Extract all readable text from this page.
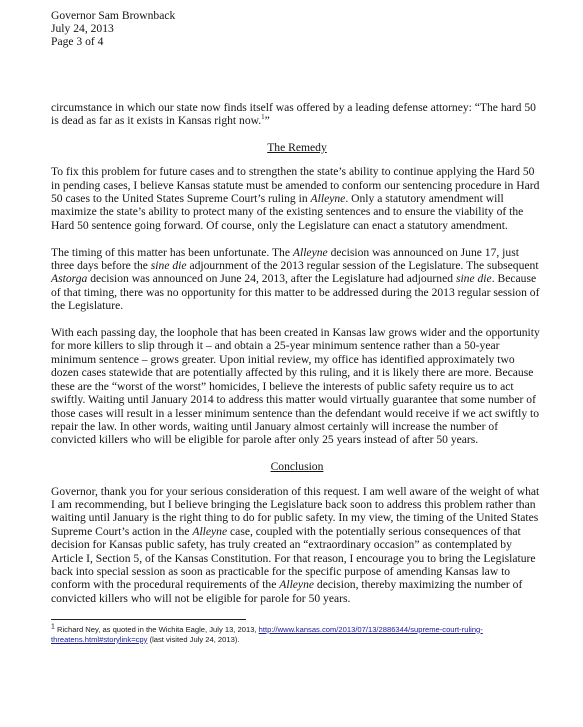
Governor Sam Brownback
July 24, 2013
Page 3 of 4

circumstance in which our state now finds itself was offered by a leading defense attorney: “The hard 50 is dead as far as it exists in Kansas right now.$^1$”

The Remedy

To fix this problem for future cases and to strengthen the state’s ability to continue applying the Hard 50 in pending cases, I believe Kansas statute must be amended to conform our sentencing procedure in Hard 50 cases to the United States Supreme Court’s ruling in Alleyne. Only a statutory amendment will maximize the state’s ability to protect many of the existing sentences and to ensure the viability of the Hard 50 sentence going forward. Of course, only the Legislature can enact a statutory amendment.

The timing of this matter has been unfortunate. The Alleyne decision was announced on June 17, just three days before the sine die adjournment of the 2013 regular session of the Legislature. The subsequent Astorga decision was announced on June 24, 2013, after the Legislature had adjourned sine die. Because of that timing, there was no opportunity for this matter to be addressed during the 2013 regular session of the Legislature.

With each passing day, the loophole that has been created in Kansas law grows wider and the opportunity for more killers to slip through it – and obtain a 25-year minimum sentence rather than a 50-year minimum sentence – grows greater. Upon initial review, my office has identified approximately two dozen cases statewide that are potentially affected by this ruling, and it is likely there are more. Because these are the “worst of the worst” homicides, I believe the interests of public safety require us to act swiftly. Waiting until January 2014 to address this matter would virtually guarantee that some number of those cases will result in a lesser minimum sentence than the defendant would receive if we act swiftly to repair the law. In other words, waiting until January almost certainly will increase the number of convicted killers who will be eligible for parole after only 25 years instead of after 50 years.

Conclusion

Governor, thank you for your serious consideration of this request. I am well aware of the weight of what I am recommending, but I believe bringing the Legislature back soon to address this problem rather than waiting until January is the right thing to do for public safety. In my view, the timing of the United States Supreme Court’s action in the Alleyne case, coupled with the potentially serious consequences of that decision for Kansas public safety, has truly created an “extraordinary occasion” as contemplated by Article I, Section 5, of the Kansas Constitution. For that reason, I encourage you to bring the Legislature back into special session as soon as practicable for the specific purpose of amending Kansas law to conform with the procedural requirements of the Alleyne decision, thereby maximizing the number of convicted killers who will not be eligible for parole for 50 years.

$^1$ Richard Ney, as quoted in the Wichita Eagle, July 13, 2013, http://www.kansas.com/2013/07/13/2886344/supreme-court-ruling-threatens.html#storylink=cpy (last visited July 24, 2013).
